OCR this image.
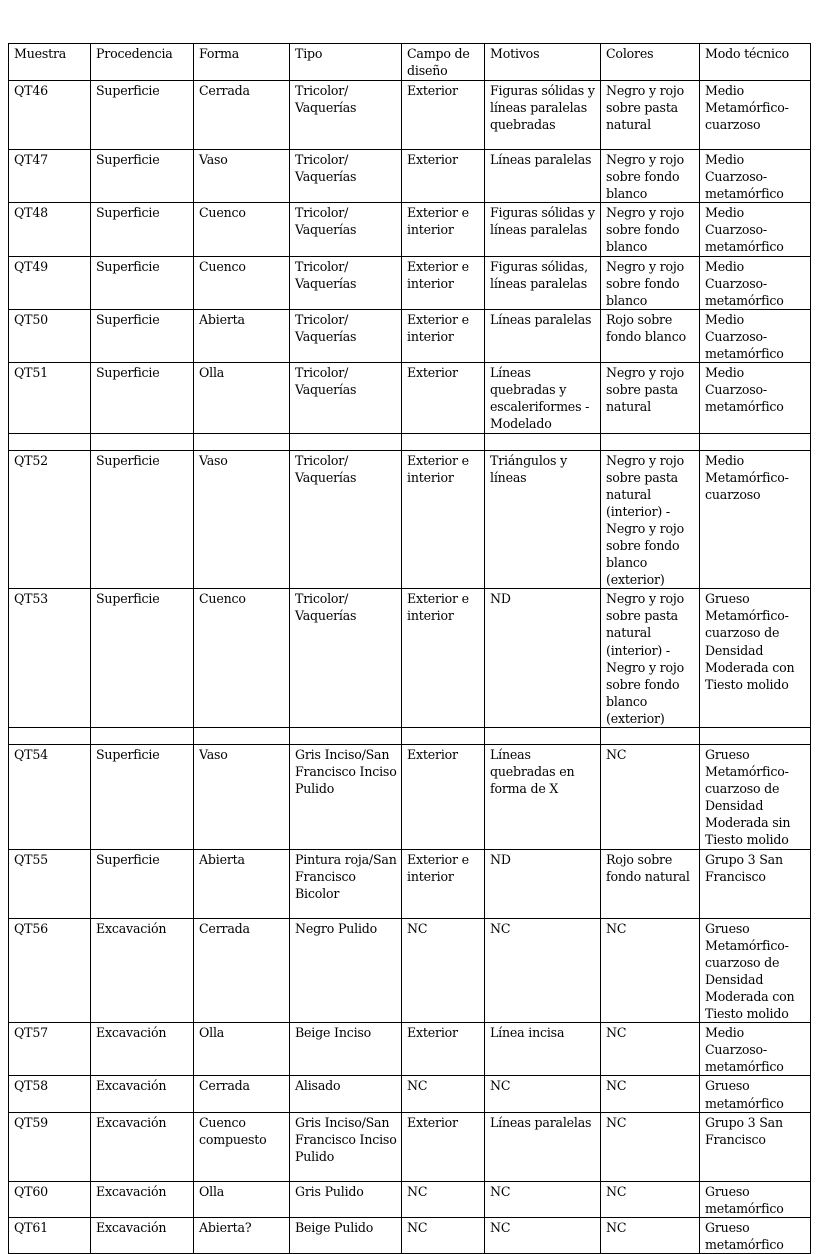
Muestra	Procedencia	Forma	Tipo	Campo de diseño	Motivos	Colores	Modo técnico
QT46	Superficie	Cerrada	Tricolor/ Vaquerías	Exterior	Figuras sólidas y líneas paralelas quebradas	Negro y rojo sobre pasta natural	Medio Metamórfico-cuarzoso
QT47	Superficie	Vaso	Tricolor/ Vaquerías	Exterior	Líneas paralelas	Negro y rojo sobre fondo blanco	Medio Cuarzoso-metamórfico
QT48	Superficie	Cuenco	Tricolor/ Vaquerías	Exterior e interior	Figuras sólidas y líneas paralelas	Negro y rojo sobre fondo blanco	Medio Cuarzoso-metamórfico
QT49	Superficie	Cuenco	Tricolor/ Vaquerías	Exterior e interior	Figuras sólidas, líneas paralelas	Negro y rojo sobre fondo blanco	Medio Cuarzoso-metamórfico
QT50	Superficie	Abierta	Tricolor/ Vaquerías	Exterior e interior	Líneas paralelas	Rojo sobre fondo blanco	Medio Cuarzoso-metamórfico
QT51	Superficie	Olla	Tricolor/ Vaquerías	Exterior	Líneas quebradas y escaleriformes - Modelado	Negro y rojo sobre pasta natural	Medio Cuarzoso-metamórfico

QT52	Superficie	Vaso	Tricolor/ Vaquerías	Exterior e interior	Triángulos y líneas	Negro y rojo sobre pasta natural (interior) - Negro y rojo sobre fondo blanco (exterior)	Medio Metamórfico-cuarzoso
QT53	Superficie	Cuenco	Tricolor/ Vaquerías	Exterior e interior	ND	Negro y rojo sobre pasta natural (interior) - Negro y rojo sobre fondo blanco (exterior)	Grueso Metamórfico-cuarzoso de Densidad Moderada con Tiesto molido

QT54	Superficie	Vaso	Gris Inciso/San Francisco Inciso Pulido	Exterior	Líneas quebradas en forma de X	NC	Grueso Metamórfico-cuarzoso de Densidad Moderada sin Tiesto molido
QT55	Superficie	Abierta	Pintura roja/San Francisco Bicolor	Exterior e interior	ND	Rojo sobre fondo natural	Grupo 3 San Francisco
QT56	Excavación	Cerrada	Negro Pulido	NC	NC	NC	Grueso Metamórfico-cuarzoso de Densidad Moderada con Tiesto molido
QT57	Excavación	Olla	Beige Inciso	Exterior	Línea incisa	NC	Medio Cuarzoso-metamórfico
QT58	Excavación	Cerrada	Alisado	NC	NC	NC	Grueso metamórfico
QT59	Excavación	Cuenco compuesto	Gris Inciso/San Francisco Inciso Pulido	Exterior	Líneas paralelas	NC	Grupo 3 San Francisco
QT60	Excavación	Olla	Gris Pulido	NC	NC	NC	Grueso metamórfico
QT61	Excavación	Abierta?	Beige Pulido	NC	NC	NC	Grueso metamórfico
